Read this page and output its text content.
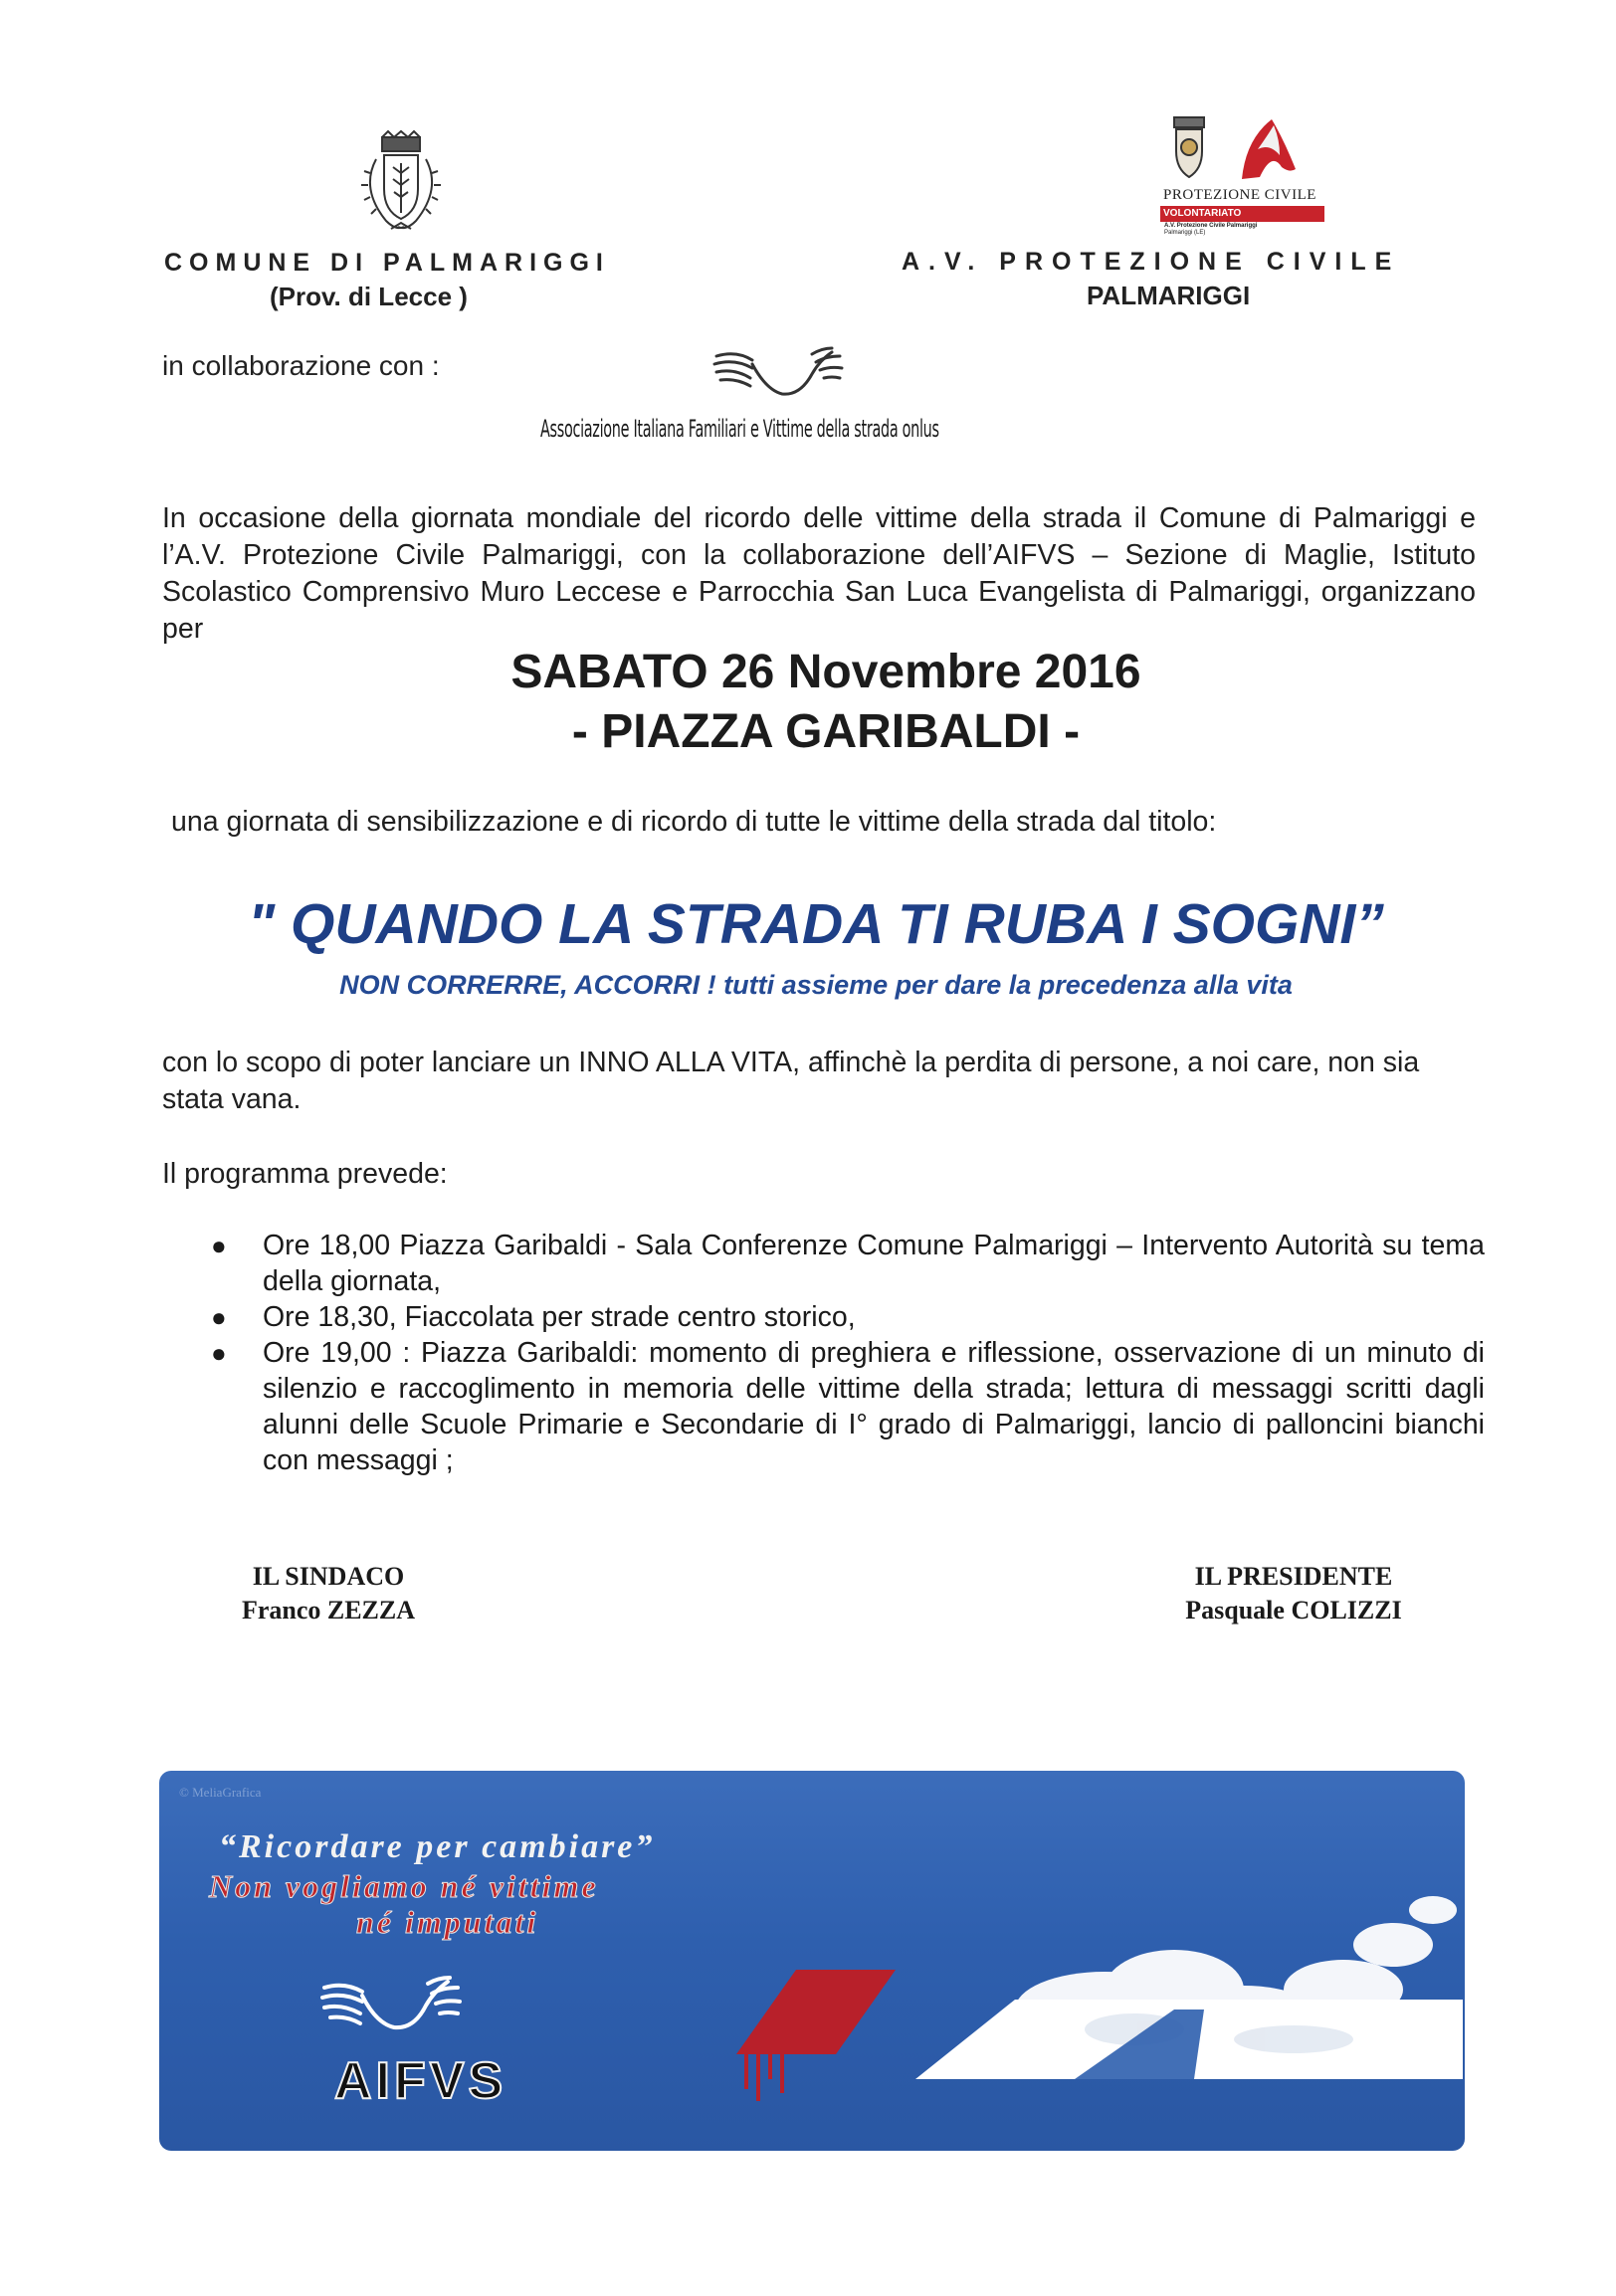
PROTEZIONE CIVILE
VOLONTARIATO
A.V. Protezione Civile Palmariggi
Palmariggi (LE)
COMUNE DI PALMARIGGI
(Prov. di Lecce )
A.V. PROTEZIONE CIVILE
PALMARIGGI
in collaborazione con :
Associazione Italiana Familiari e Vittime della strada onlus
In occasione della giornata mondiale del ricordo delle vittime della strada il Comune di Palmariggi e l’A.V. Protezione Civile Palmariggi, con la collaborazione dell’AIFVS – Sezione di Maglie, Istituto Scolastico Comprensivo Muro Leccese e Parrocchia San Luca Evangelista di Palmariggi, organizzano per
SABATO 26 Novembre 2016
- PIAZZA GARIBALDI -
una giornata di sensibilizzazione e di ricordo di tutte le vittime della strada dal titolo:
" QUANDO LA STRADA TI RUBA I SOGNI”
NON CORRERRE, ACCORRI ! tutti assieme per dare la precedenza alla vita
con lo scopo di poter lanciare un INNO ALLA VITA, affinchè la perdita di persone, a noi care, non sia stata vana.
Il programma prevede:
● Ore 18,00 Piazza Garibaldi - Sala Conferenze Comune Palmariggi – Intervento Autorità su tema della giornata,
● Ore 18,30, Fiaccolata per strade centro storico,
● Ore 19,00 : Piazza Garibaldi: momento di preghiera e riflessione, osservazione di un minuto di silenzio e raccoglimento in memoria delle vittime della strada; lettura di messaggi scritti dagli alunni delle Scuole Primarie e Secondarie di I° grado di Palmariggi, lancio di palloncini bianchi con messaggi ;
IL SINDACO
Franco ZEZZA
IL PRESIDENTE
Pasquale COLIZZI
© MeliaGrafica
“Ricordare per cambiare”
Non vogliamo né vittime
né imputati
AIFVS
